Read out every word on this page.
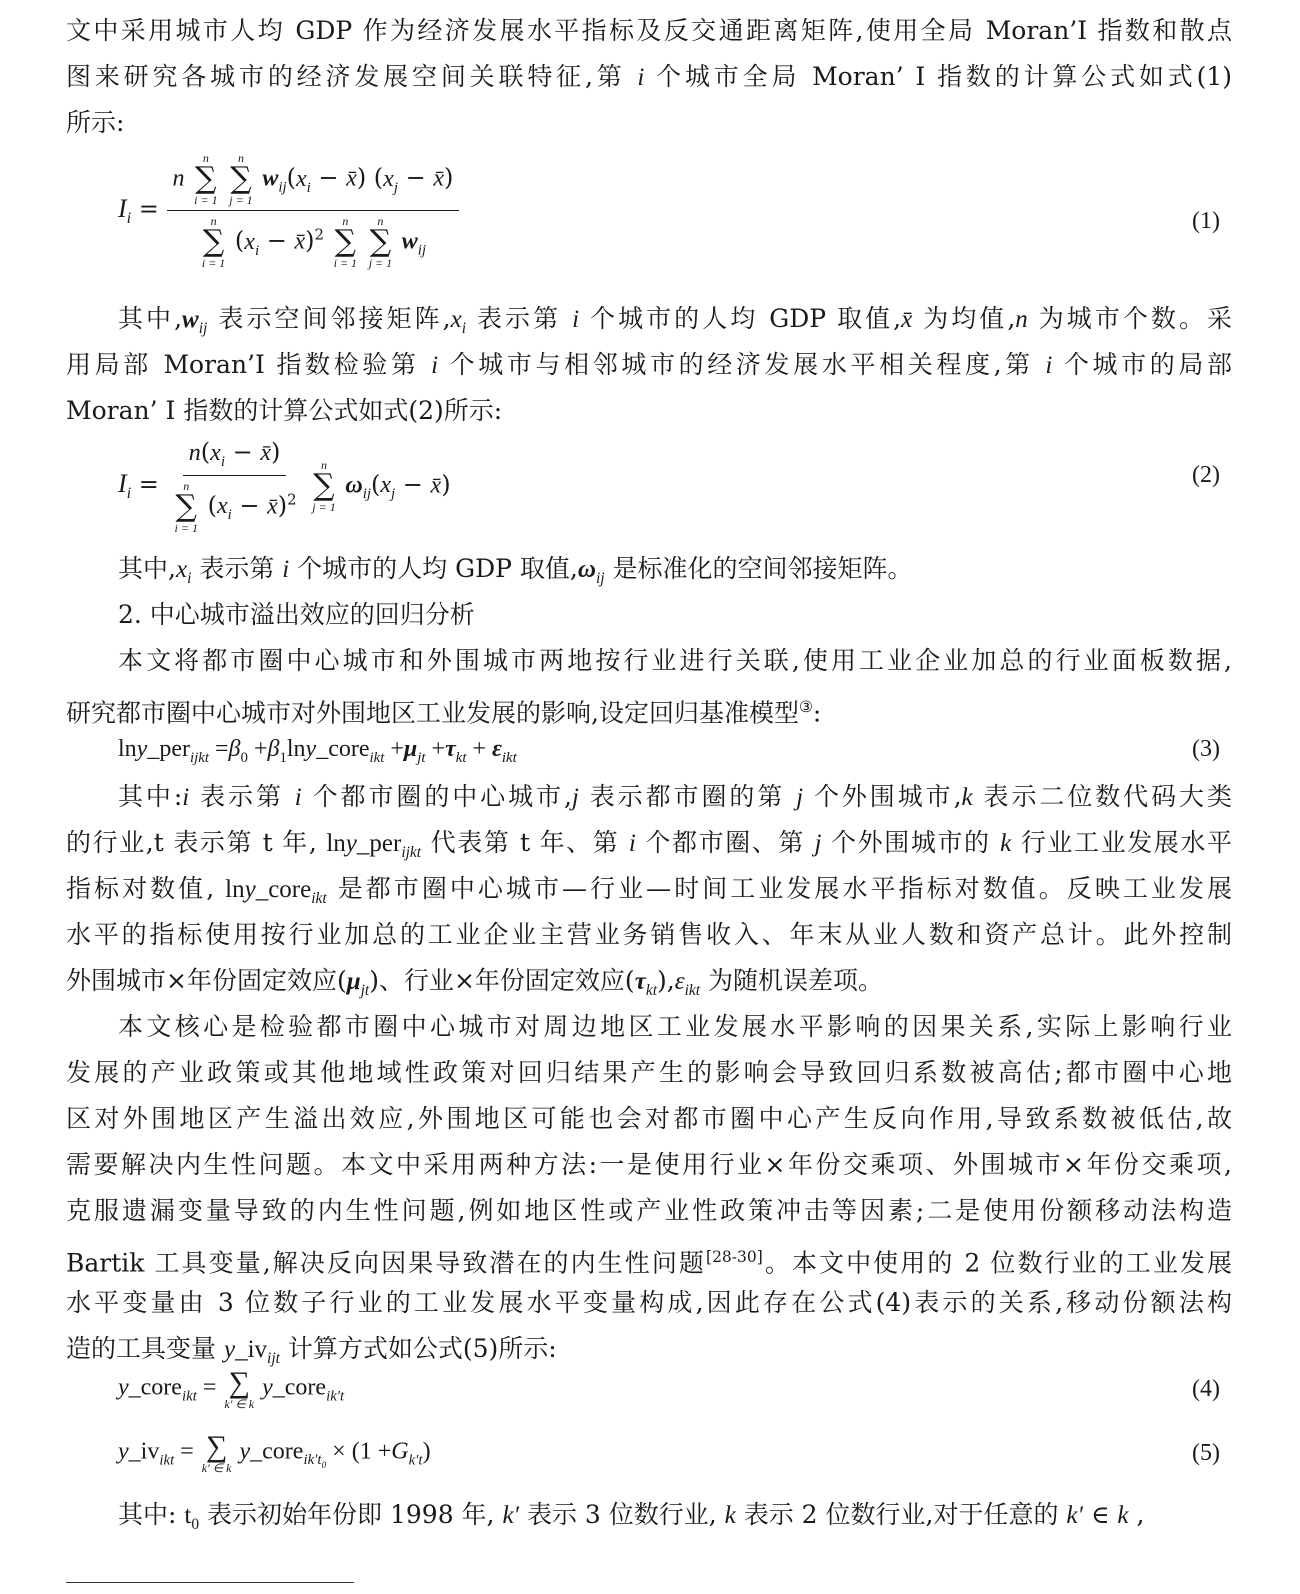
文中采用城市人均 GDP 作为经济发展水平指标及反交通距离矩阵,使用全局 Moran’I 指数和散点
图来研究各城市的经济发展空间关联特征,第 i 个城市全局 Moran’ I 指数的计算公式如式(1)
所示:
$I_i$ =
n
n
∑
i = 1

n
∑
j = 1
$w_{ij}(x_i$ − x̄) ($x_j$ − x̄)
n
∑
i = 1
($x_i$ − x̄)$^2$
n
∑
i = 1

n
∑
j = 1
$w_{ij}$
(1)
其中$,w_{ij}$ 表示空间邻接矩阵$,x_i$ 表示第 i 个城市的人均 GDP 取值,x̄ 为均值,n 为城市个数。采
用局部 Moran’I 指数检验第 i 个城市与相邻城市的经济发展水平相关程度,第 i 个城市的局部
Moran’ I 指数的计算公式如式(2)所示:
$I_i = n(x_i$ − x̄)
n
∑
i = 1
($x_i$ − x̄)$^2$
n
∑
j = 1
$\omega_{ij}(x_j$ − x̄)	(2)
其中$,x_i$ 表示第 i 个城市的人均 GDP 取值$,\omega_{ij}$ 是标准化的空间邻接矩阵。
2. 中心城市溢出效应的回归分析
本文将都市圈中心城市和外围城市两地按行业进行关联,使用工业企业加总的行业面板数据,
研究都市圈中心城市对外围地区工业发展的影响,设定回归基准模型③:
lny_per$_{ijkt}$ $=\beta_0$ $+\beta_1\ln y\_core_{ikt} +\mu_{jt} +\tau_{kt} + \varepsilon_{ikt}$	(3)
其中:i 表示第 i 个都市圈的中心城市,j 表示都市圈的第 j 个外围城市,k 表示二位数代码大类
的行业,t 表示第 t 年, lny_per$_{ijkt}$ 代表第 t 年、第 i 个都市圈、第 j 个外围城市的 k 行业工业发展水平
指标对数值, lny_core$_{ikt}$ 是都市圈中心城市—行业—时间工业发展水平指标对数值。反映工业发展
水平的指标使用按行业加总的工业企业主营业务销售收入、年末从业人数和资产总计。此外控制
外围城市×年份固定效应$(\mu_{jt})$、行业×年份固定效应$(\tau_{kt}),\varepsilon_{ikt}$ 为随机误差项。
本文核心是检验都市圈中心城市对周边地区工业发展水平影响的因果关系,实际上影响行业
发展的产业政策或其他地域性政策对回归结果产生的影响会导致回归系数被高估;都市圈中心地
区对外围地区产生溢出效应,外围地区可能也会对都市圈中心产生反向作用,导致系数被低估,故
需要解决内生性问题。本文中采用两种方法:一是使用行业×年份交乘项、外围城市×年份交乘项,
克服遗漏变量导致的内生性问题,例如地区性或产业性政策冲击等因素;二是使用份额移动法构造
Bartik 工具变量,解决反向因果导致潜在的内生性问题[28-30]。本文中使用的 2 位数行业的工业发展
水平变量由 3 位数子行业的工业发展水平变量构成,因此存在公式(4)表示的关系,移动份额法构
造的工具变量 $y\_iv_{ijt}$ 计算方式如公式(5)所示:
y_core$_{ikt}$ = ∑
k′ ∈ k
y_core$_{ik't}$	(4)
$y\_iv_{ikt}$ = ∑
k′ ∈ k
y_core$_{ik't_0}$ × $(1 +G_{k't})$	(5)
其中: $t_0$ 表示初始年份即 1998 年, k′ 表示 3 位数行业, k 表示 2 位数行业,对于任意的 k′ ∈ k ,
